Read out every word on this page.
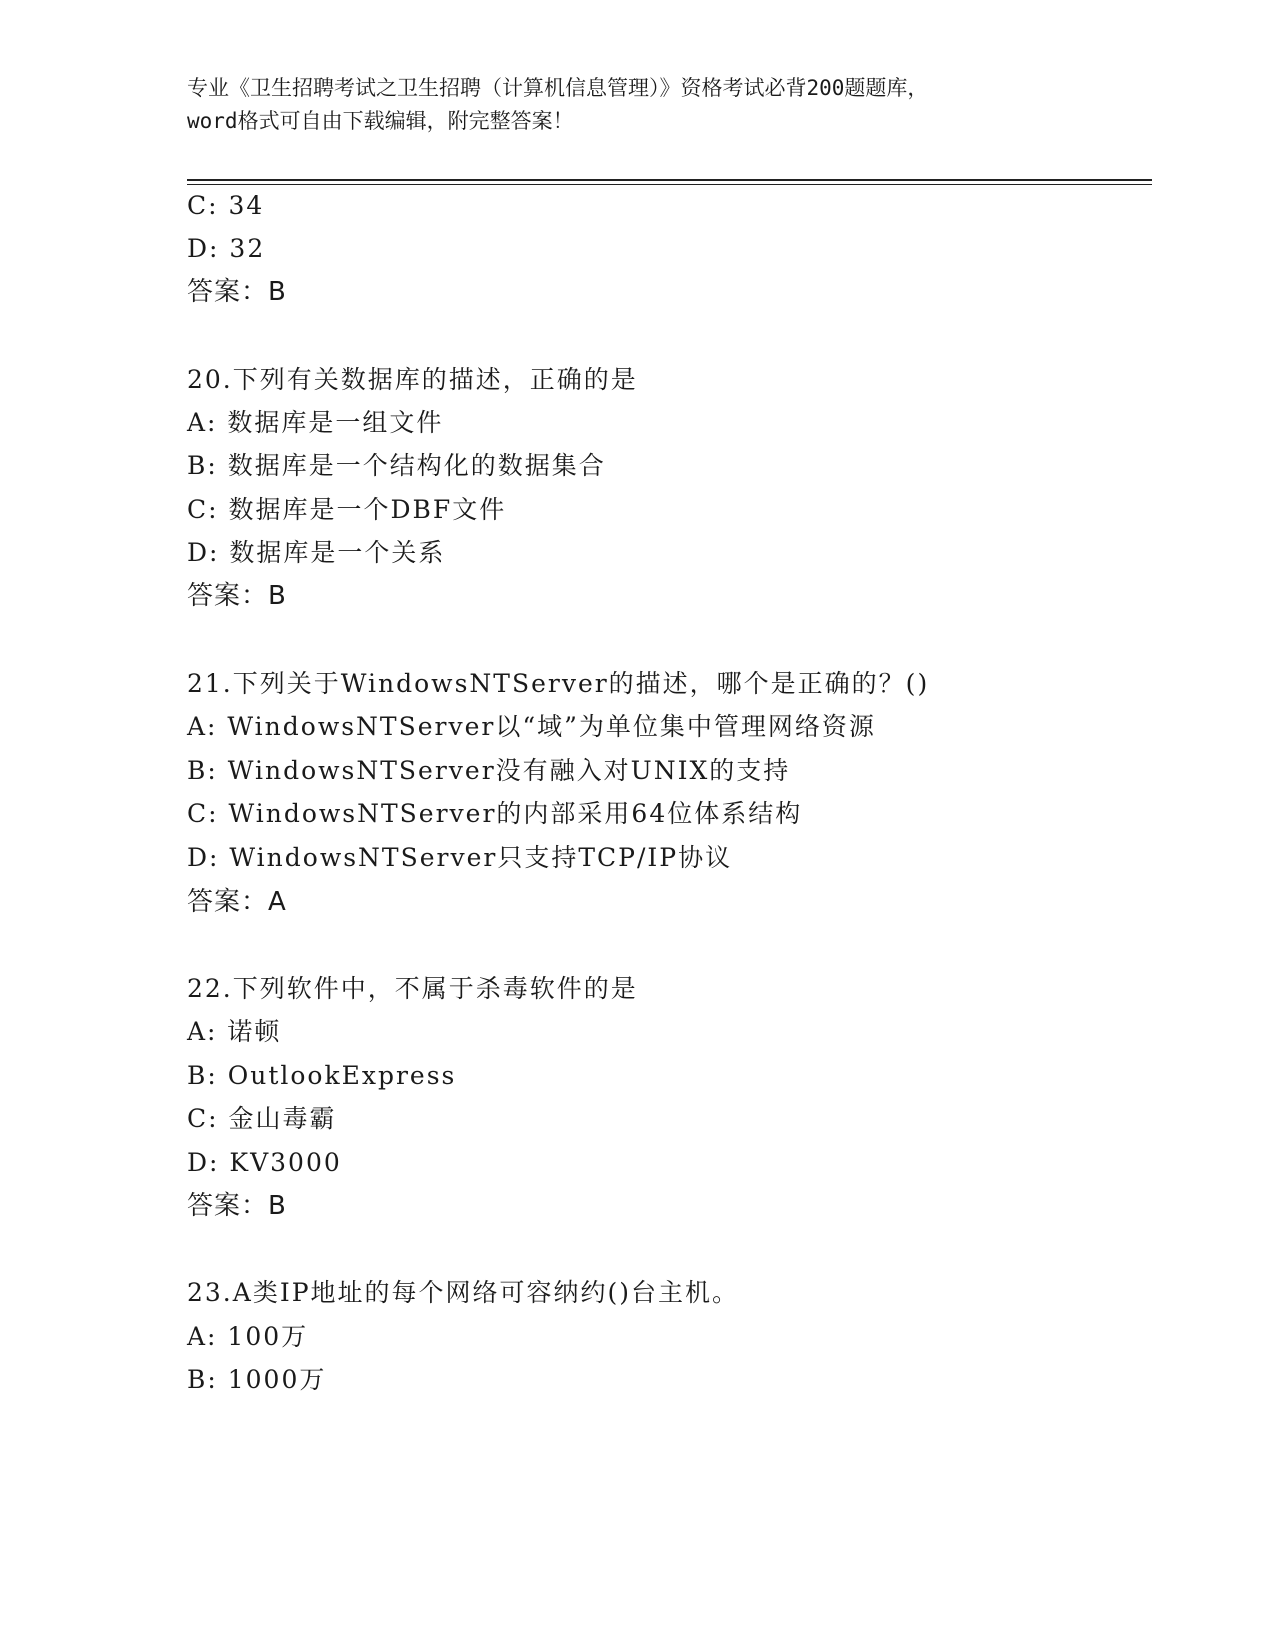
专业《卫生招聘考试之卫生招聘（计算机信息管理）》资格考试必背200题题库，
word格式可自由下载编辑，附完整答案！
C: 34
D: 32
答案：B
20.下列有关数据库的描述，正确的是
A: 数据库是一组文件
B: 数据库是一个结构化的数据集合
C: 数据库是一个DBF文件
D: 数据库是一个关系
答案：B
21.下列关于WindowsNTServer的描述，哪个是正确的？()
A: WindowsNTServer以“域”为单位集中管理网络资源
B: WindowsNTServer没有融入对UNIX的支持
C: WindowsNTServer的内部采用64位体系结构
D: WindowsNTServer只支持TCP/IP协议
答案：A
22.下列软件中，不属于杀毒软件的是
A: 诺顿
B: OutlookExpress
C: 金山毒霸
D: KV3000
答案：B
23.A类IP地址的每个网络可容纳约()台主机。
A: 100万
B: 1000万
